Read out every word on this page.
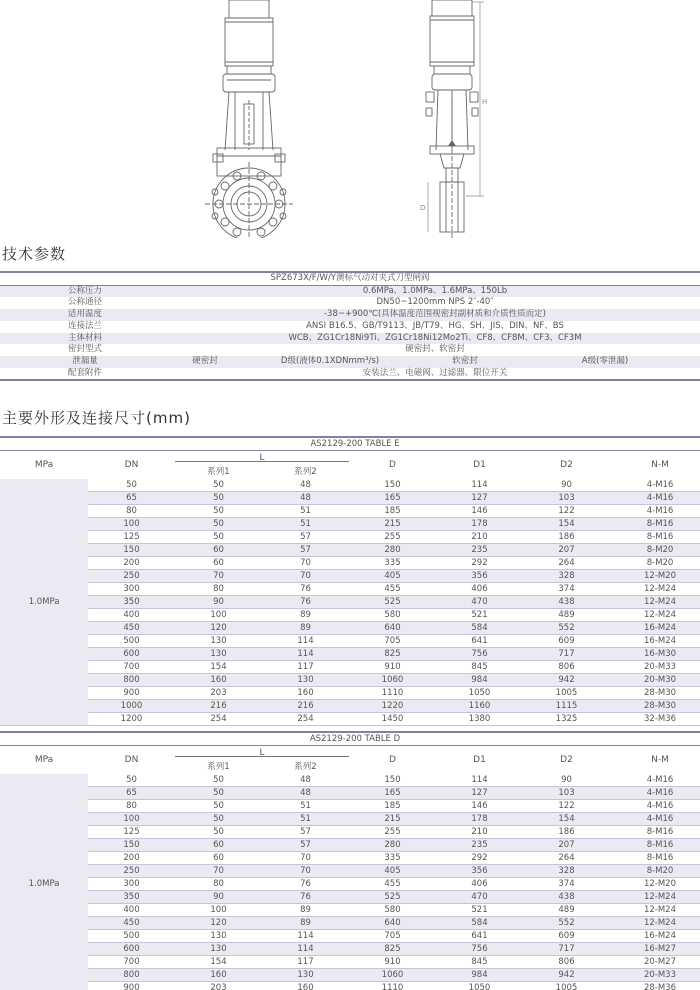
H
D
技术参数
SPZ673X/F/W/Y澳标气动对夹式刀型闸阀				
公称压力	0.6MPa、1.0MPa、1.6MPa、150Lb			
公称通径	DN50~1200mm NPS 2″-40″			
适用温度	-38~+900℃(具体温度范围视密封副材质和介质性质而定)			
连接法兰	ANSI B16.5、GB/T9113、JB/T79、HG、SH、JIS、DIN、NF、BS			
主体材料	WCB、ZG1Cr18Ni9Ti、ZG1Cr18Ni12Mo2Ti、CF8、CF8M、CF3、CF3M			
密封型式	硬密封、软密封			
泄漏量	硬密封	D级(液体0.1XDNmm³/s)	软密封	A级(零泄漏)
配套附件	安装法兰、电磁阀、过滤器、限位开关			
主要外形及连接尺寸(mm)
AS2129-200 TABLE E							
MPa	DN	L		D	D1	D2	N-M
		系列1	系列2				
1.0MPa	50	50	48	150	114	90	4-M16
	65	50	48	165	127	103	4-M16
	80	50	51	185	146	122	4-M16
	100	50	51	215	178	154	8-M16
	125	50	57	255	210	186	8-M16
	150	60	57	280	235	207	8-M20
	200	60	70	335	292	264	8-M20
	250	70	70	405	356	328	12-M20
	300	80	76	455	406	374	12-M24
	350	90	76	525	470	438	12-M24
	400	100	89	580	521	489	12-M24
	450	120	89	640	584	552	16-M24
	500	130	114	705	641	609	16-M24
	600	130	114	825	756	717	16-M30
	700	154	117	910	845	806	20-M33
	800	160	130	1060	984	942	20-M30
	900	203	160	1110	1050	1005	28-M30
	1000	216	216	1220	1160	1115	28-M30
	1200	254	254	1450	1380	1325	32-M36
AS2129-200 TABLE D							
MPa	DN	L		D	D1	D2	N-M
		系列1	系列2				
1.0MPa	50	50	48	150	114	90	4-M16
	65	50	48	165	127	103	4-M16
	80	50	51	185	146	122	4-M16
	100	50	51	215	178	154	4-M16
	125	50	57	255	210	186	8-M16
	150	60	57	280	235	207	8-M16
	200	60	70	335	292	264	8-M16
	250	70	70	405	356	328	8-M20
	300	80	76	455	406	374	12-M20
	350	90	76	525	470	438	12-M24
	400	100	89	580	521	489	12-M24
	450	120	89	640	584	552	12-M24
	500	130	114	705	641	609	16-M24
	600	130	114	825	756	717	16-M27
	700	154	117	910	845	806	20-M27
	800	160	130	1060	984	942	20-M33
	900	203	160	1110	1050	1005	28-M36
